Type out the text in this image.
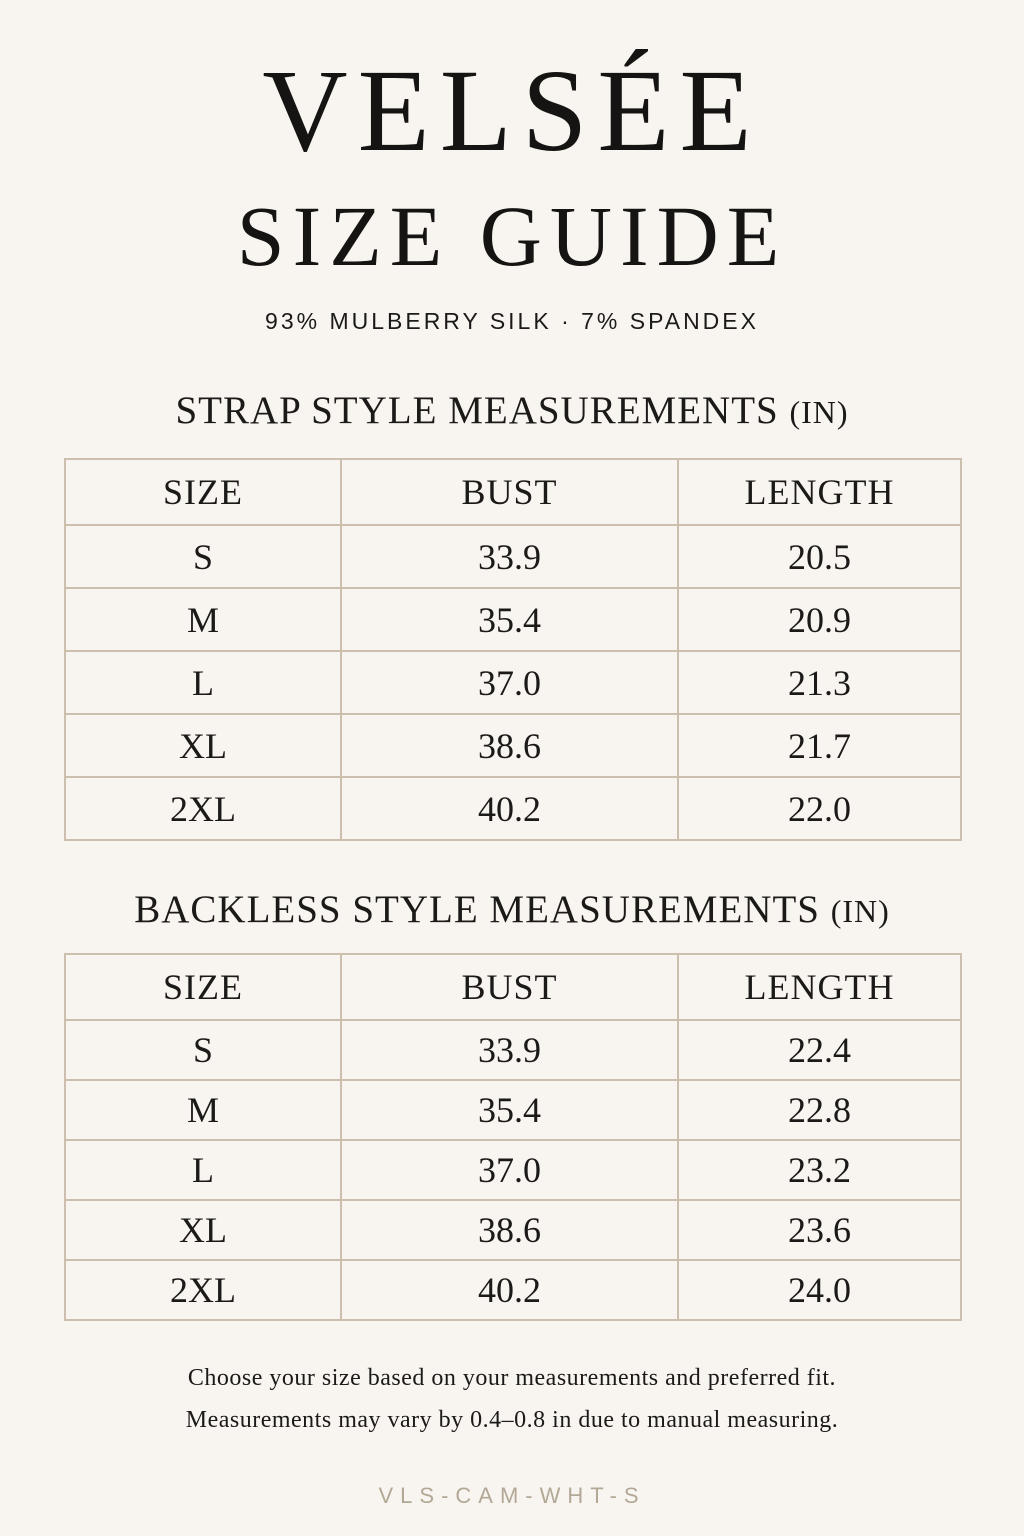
VELSÉE
SIZE GUIDE
93% MULBERRY SILK · 7% SPANDEX
STRAP STYLE MEASUREMENTS (IN)
SIZE	BUST	LENGTH
S	33.9	20.5
M	35.4	20.9
L	37.0	21.3
XL	38.6	21.7
2XL	40.2	22.0
BACKLESS STYLE MEASUREMENTS (IN)
SIZE	BUST	LENGTH
S	33.9	22.4
M	35.4	22.8
L	37.0	23.2
XL	38.6	23.6
2XL	40.2	24.0
Choose your size based on your measurements and preferred fit.
Measurements may vary by 0.4–0.8 in due to manual measuring.
VLS-CAM-WHT-S
